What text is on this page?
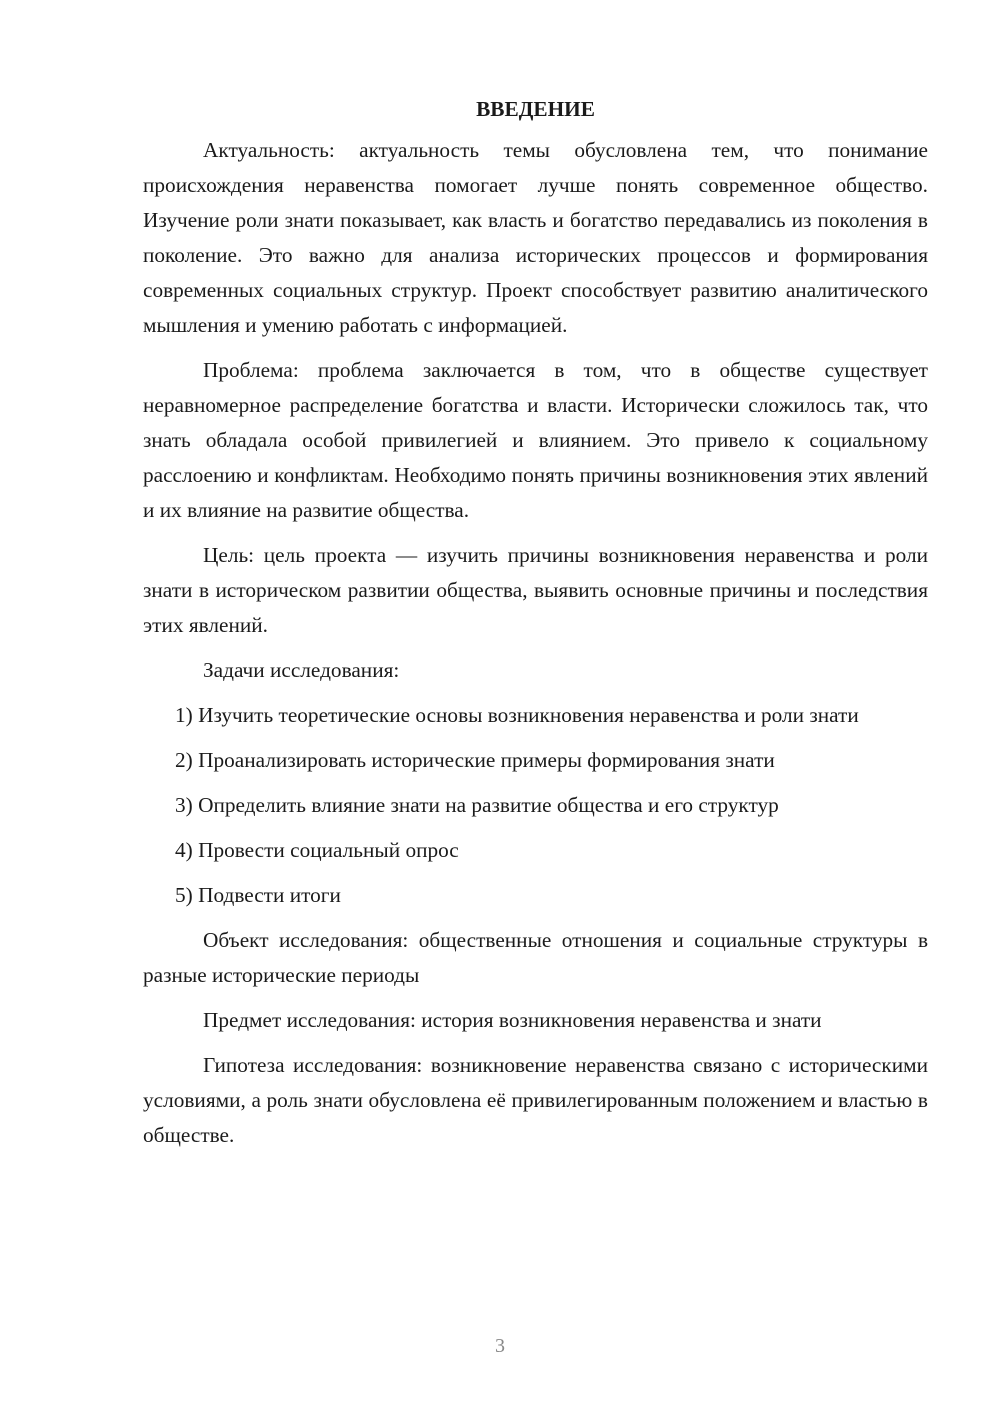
ВВЕДЕНИЕ

Актуальность: актуальность темы обусловлена тем, что понимание происхождения неравенства помогает лучше понять современное общество. Изучение роли знати показывает, как власть и богатство передавались из поколения в поколение. Это важно для анализа исторических процессов и формирования современных социальных структур. Проект способствует развитию аналитического мышления и умению работать с информацией.

Проблема: проблема заключается в том, что в обществе существует неравномерное распределение богатства и власти. Исторически сложилось так, что знать обладала особой привилегией и влиянием. Это привело к социальному расслоению и конфликтам. Необходимо понять причины возникновения этих явлений и их влияние на развитие общества.

Цель: цель проекта — изучить причины возникновения неравенства и роли знати в историческом развитии общества, выявить основные причины и последствия этих явлений.

Задачи исследования:

1) Изучить теоретические основы возникновения неравенства и роли знати

2) Проанализировать исторические примеры формирования знати

3) Определить влияние знати на развитие общества и его структур

4) Провести социальный опрос

5) Подвести итоги

Объект исследования: общественные отношения и социальные структуры в разные исторические периоды

Предмет исследования: история возникновения неравенства и знати

Гипотеза исследования: возникновение неравенства связано с историческими условиями, а роль знати обусловлена её привилегированным положением и властью в обществе.

3
